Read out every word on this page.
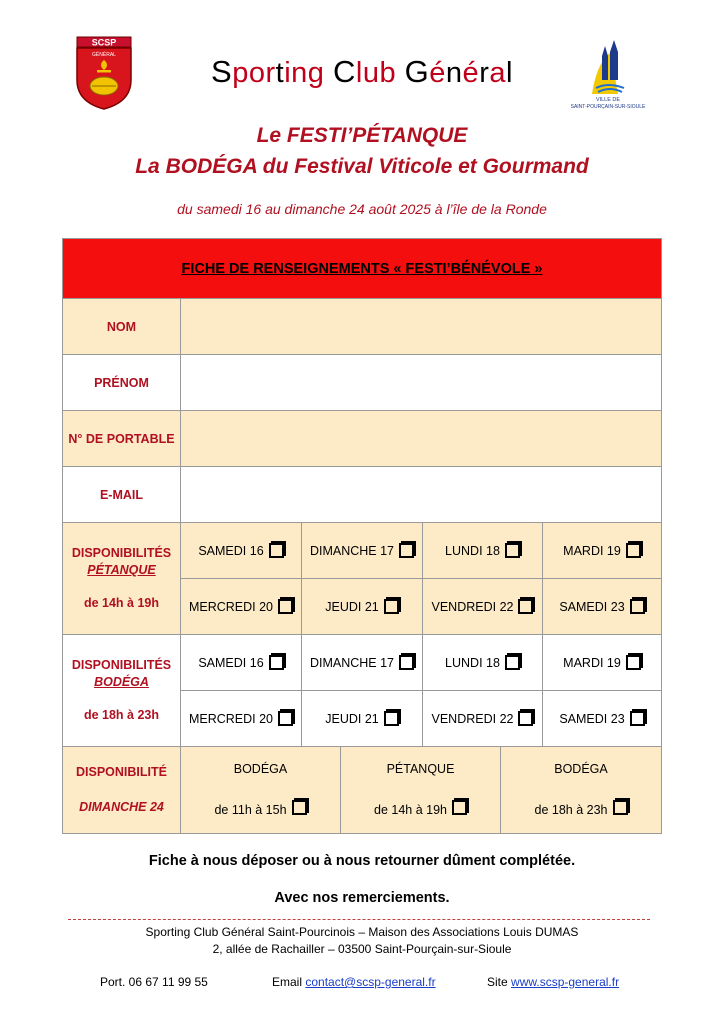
SCSP
GÉNÉRAL	Sporting Club Général
VILLE DE
SAINT-POURÇAIN-SUR-SIOULE
Le FESTI’PÉTANQUE
La BODÉGA du Festival Viticole et Gourmand
du samedi 16 au dimanche 24 août 2025 à l’île de la Ronde
FICHE DE RENSEIGNEMENTS « FESTI’BÉNÉVOLE »
NOM
PRÉNOM
N° DE PORTABLE
E-MAIL
DISPONIBILITÉS
PÉTANQUE
de 14h à 19h
SAMEDI 16	DIMANCHE 17	LUNDI 18	MARDI 19
MERCREDI 20	JEUDI 21	VENDREDI 22	SAMEDI 23
DISPONIBILITÉS
BODÉGA
de 18h à 23h
SAMEDI 16	DIMANCHE 17	LUNDI 18	MARDI 19
MERCREDI 20	JEUDI 21	VENDREDI 22	SAMEDI 23
DISPONIBILITÉ
DIMANCHE 24
BODÉGA
de 11h à 15h
PÉTANQUE
de 14h à 19h
BODÉGA
de 18h à 23h
Fiche à nous déposer ou à nous retourner dûment complétée.
Avec nos remerciements.
Sporting Club Général Saint-Pourcinois – Maison des Associations Louis DUMAS
2, allée de Rachailler – 03500 Saint-Pourçain-sur-Sioule
Port. 06 67 11 99 55	Email contact@scsp-general.fr	Site www.scsp-general.fr
